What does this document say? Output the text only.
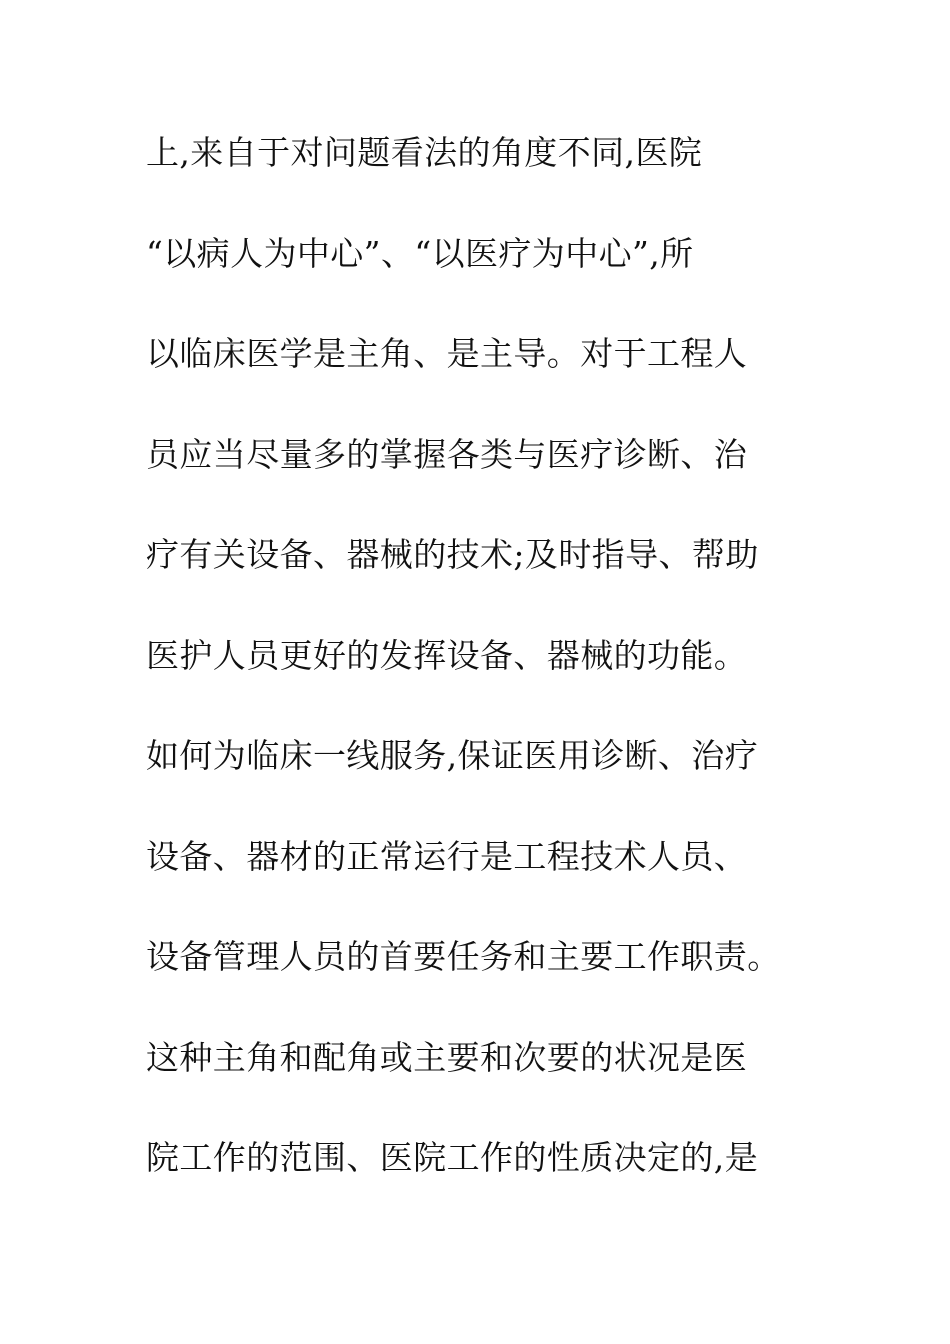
上,来自于对问题看法的角度不同,医院
“以病人为中心”、“以医疗为中心”,所
以临床医学是主角、是主导。对于工程人
员应当尽量多的掌握各类与医疗诊断、治
疗有关设备、器械的技术;及时指导、帮助
医护人员更好的发挥设备、器械的功能。
如何为临床一线服务,保证医用诊断、治疗
设备、器材的正常运行是工程技术人员、
设备管理人员的首要任务和主要工作职责。
这种主角和配角或主要和次要的状况是医
院工作的范围、医院工作的性质决定的,是
